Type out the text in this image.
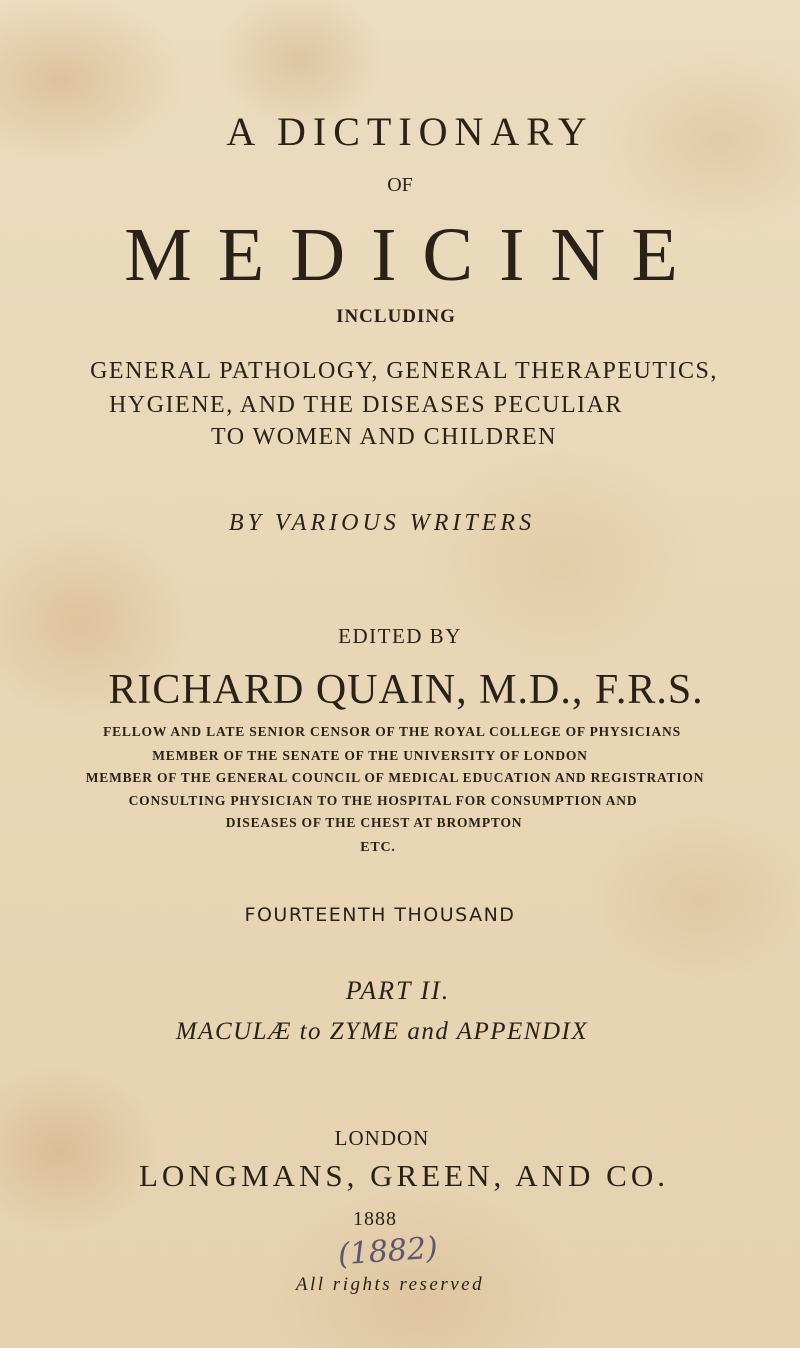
A DICTIONARY
OF
MEDICINE
INCLUDING
GENERAL PATHOLOGY, GENERAL THERAPEUTICS,
HYGIENE, AND THE DISEASES PECULIAR
TO WOMEN AND CHILDREN
BY VARIOUS WRITERS
EDITED BY
RICHARD QUAIN, M.D., F.R.S.
FELLOW AND LATE SENIOR CENSOR OF THE ROYAL COLLEGE OF PHYSICIANS
MEMBER OF THE SENATE OF THE UNIVERSITY OF LONDON
MEMBER OF THE GENERAL COUNCIL OF MEDICAL EDUCATION AND REGISTRATION
CONSULTING PHYSICIAN TO THE HOSPITAL FOR CONSUMPTION AND
DISEASES OF THE CHEST AT BROMPTON
ETC.
FOURTEENTH THOUSAND
PART II.
MACULÆ to ZYME and APPENDIX
LONDON
LONGMANS, GREEN, AND CO.
1888
(1882)
All rights reserved
